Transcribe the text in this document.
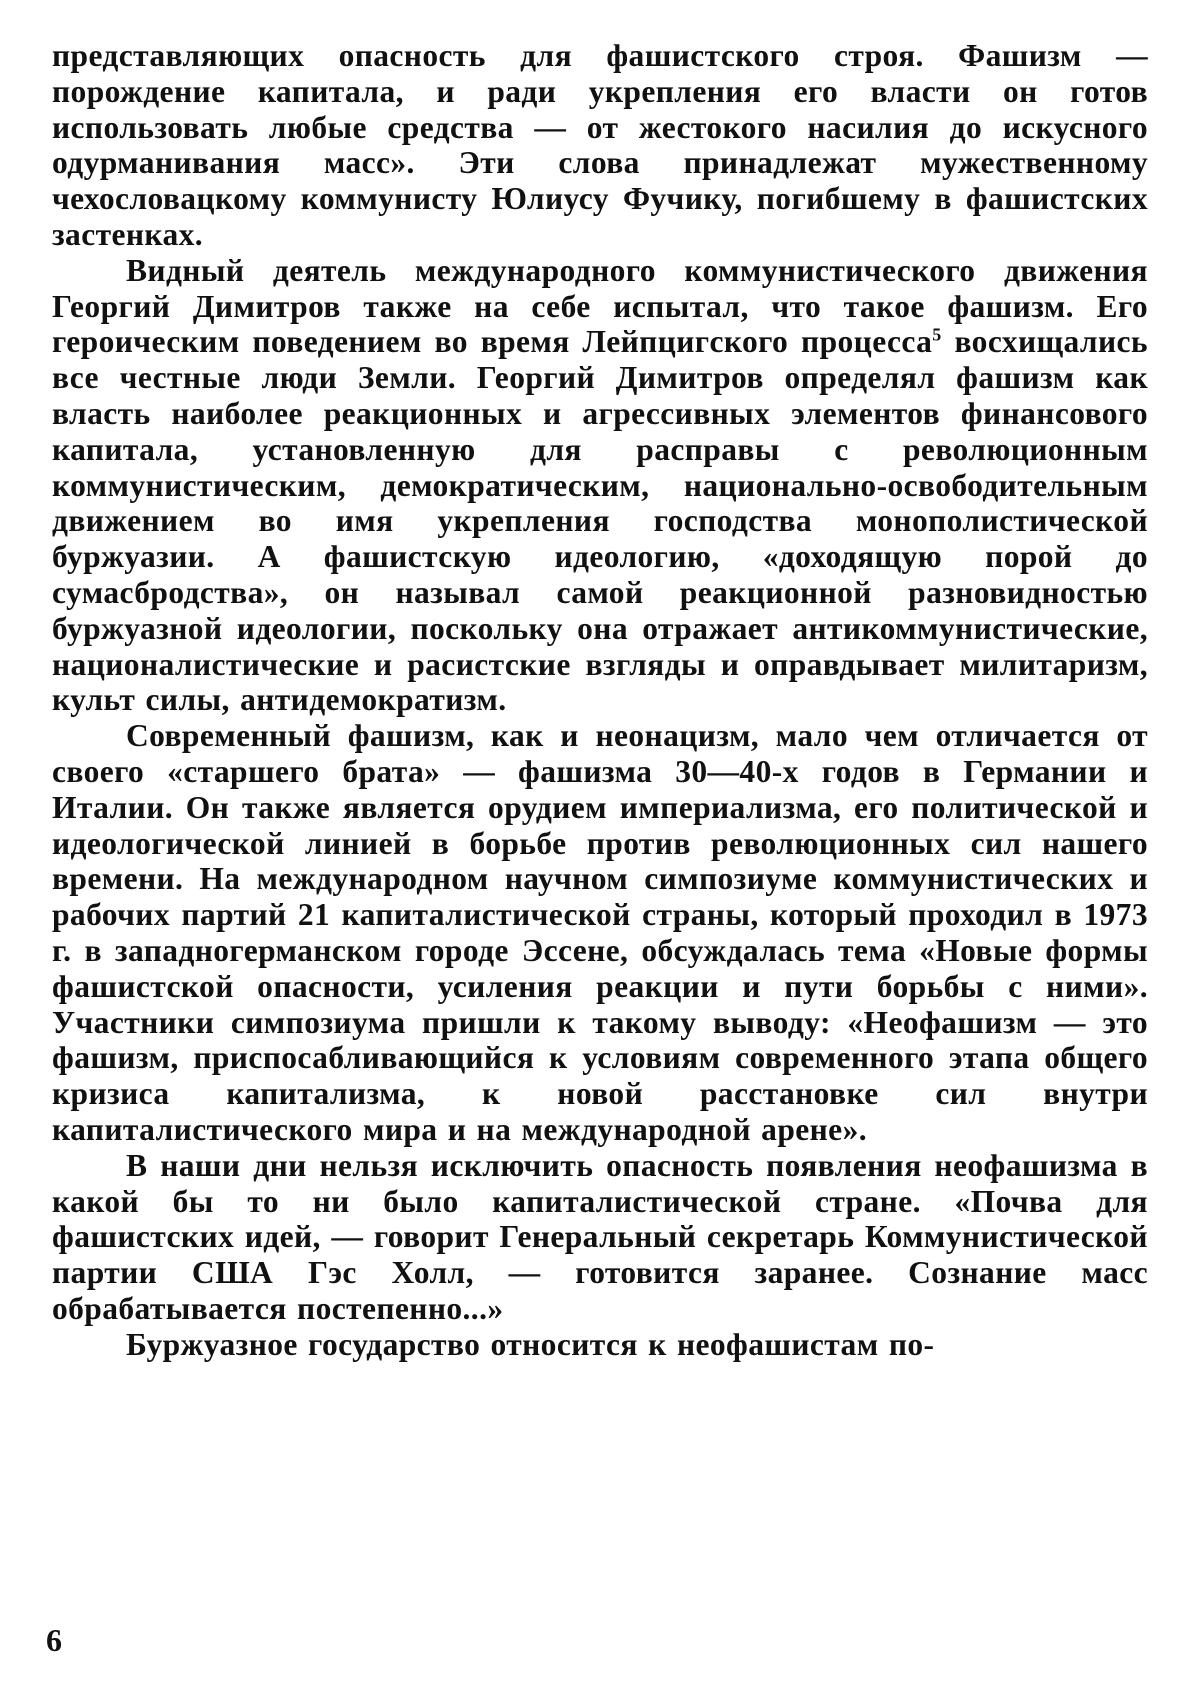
представляющих опасность для фашистского строя. Фашизм — порождение капитала, и ради укрепления его власти он готов использовать любые средства — от жестокого насилия до искусного одурманивания масс». Эти слова принадлежат мужественному чехословацкому коммунисту Юлиусу Фучику, погибшему в фашистских застенках.

Видный деятель международного коммунистического движения Георгий Димитров также на себе испытал, что такое фашизм. Его героическим поведением во время Лейпцигского процесса$^5$ восхищались все честные люди Земли. Георгий Димитров определял фашизм как власть наиболее реакционных и агрессивных элементов финансового капитала, установленную для расправы с революционным коммунистическим, демократическим, национально-освободительным движением во имя укрепления господства монополистической буржуазии. А фашистскую идеологию, «доходящую порой до сумасбродства», он называл самой реакционной разновидностью буржуазной идеологии, поскольку она отражает антикоммунистические, националистические и расистские взгляды и оправдывает милитаризм, культ силы, антидемократизм.

Современный фашизм, как и неонацизм, мало чем отличается от своего «старшего брата» — фашизма 30—40-х годов в Германии и Италии. Он также является орудием империализма, его политической и идеологической линией в борьбе против революционных сил нашего времени. На международном научном симпозиуме коммунистических и рабочих партий 21 капиталистической страны, который проходил в 1973 г. в западногерманском городе Эссене, обсуждалась тема «Новые формы фашистской опасности, усиления реакции и пути борьбы с ними». Участники симпозиума пришли к такому выводу: «Неофашизм — это фашизм, приспосабливающийся к условиям современного этапа общего кризиса капитализма, к новой расстановке сил внутри капиталистического мира и на международной арене».

В наши дни нельзя исключить опасность появления неофашизма в какой бы то ни было капиталистической стране. «Почва для фашистских идей, — говорит Генеральный секретарь Коммунистической партии США Гэс Холл, — готовится заранее. Сознание масс обрабатывается постепенно...»

Буржуазное государство относится к неофашистам по-

6
